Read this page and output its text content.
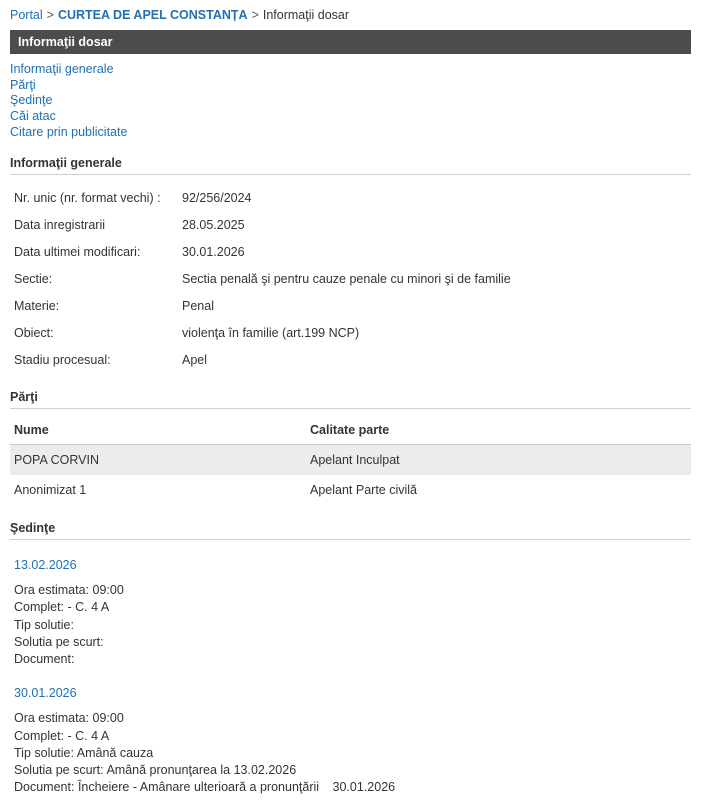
Portal > CURTEA DE APEL CONSTANȚA > Informaţii dosar
Informaţii dosar
Informaţii generale
Părţi
Şedinţe
Căi atac
Citare prin publicitate
Informaţii generale
Nr. unic (nr. format vechi) :	92/256/2024
Data inregistrarii	28.05.2025
Data ultimei modificari:	30.01.2026
Sectie:	Sectia penală şi pentru cauze penale cu minori şi de familie
Materie:	Penal
Obiect:	violenţa în familie (art.199 NCP)
Stadiu procesual:	Apel
Părţi
Nume	Calitate parte
POPA CORVIN	Apelant Inculpat
Anonimizat 1	Apelant Parte civilă
Şedinţe
13.02.2026
Ora estimata: 09:00
Complet: - C. 4 A
Tip solutie:
Solutia pe scurt:
Document:
30.01.2026
Ora estimata: 09:00
Complet: - C. 4 A
Tip solutie: Amână cauza
Solutia pe scurt: Amână pronunţarea la 13.02.2026
Document: Încheiere - Amânare ulterioară a pronunţării 30.01.2026
